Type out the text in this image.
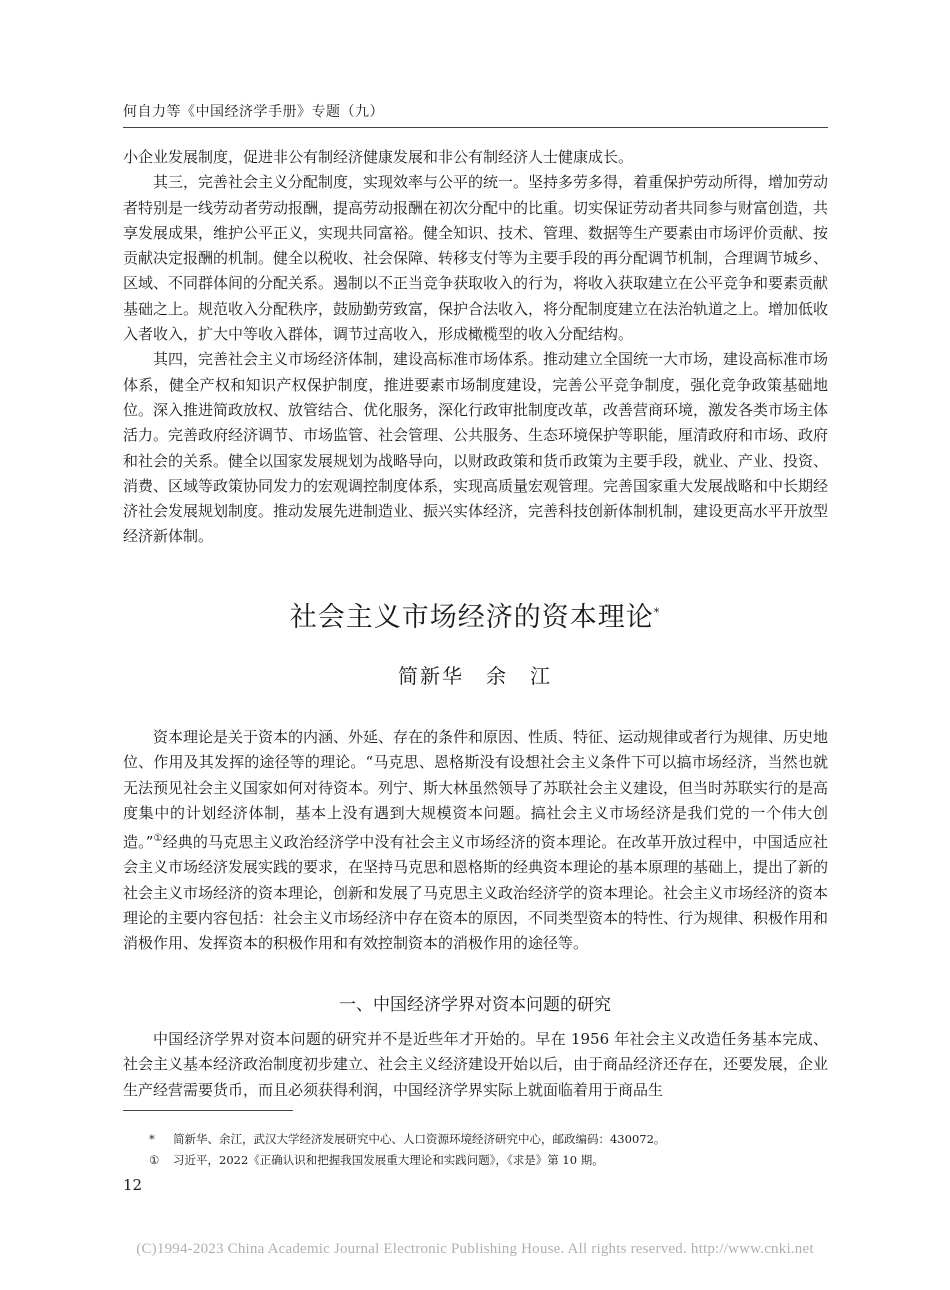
何自力等《中国经济学手册》专题（九）

小企业发展制度，促进非公有制经济健康发展和非公有制经济人士健康成长。

其三，完善社会主义分配制度，实现效率与公平的统一。坚持多劳多得，着重保护劳动所得，增加劳动者特别是一线劳动者劳动报酬，提高劳动报酬在初次分配中的比重。切实保证劳动者共同参与财富创造，共享发展成果，维护公平正义，实现共同富裕。健全知识、技术、管理、数据等生产要素由市场评价贡献、按贡献决定报酬的机制。健全以税收、社会保障、转移支付等为主要手段的再分配调节机制，合理调节城乡、区域、不同群体间的分配关系。遏制以不正当竞争获取收入的行为，将收入获取建立在公平竞争和要素贡献基础之上。规范收入分配秩序，鼓励勤劳致富，保护合法收入，将分配制度建立在法治轨道之上。增加低收入者收入，扩大中等收入群体，调节过高收入，形成橄榄型的收入分配结构。

其四，完善社会主义市场经济体制，建设高标准市场体系。推动建立全国统一大市场，建设高标准市场体系，健全产权和知识产权保护制度，推进要素市场制度建设，完善公平竞争制度，强化竞争政策基础地位。深入推进简政放权、放管结合、优化服务，深化行政审批制度改革，改善营商环境，激发各类市场主体活力。完善政府经济调节、市场监管、社会管理、公共服务、生态环境保护等职能，厘清政府和市场、政府和社会的关系。健全以国家发展规划为战略导向，以财政政策和货币政策为主要手段，就业、产业、投资、消费、区域等政策协同发力的宏观调控制度体系，实现高质量宏观管理。完善国家重大发展战略和中长期经济社会发展规划制度。推动发展先进制造业、振兴实体经济，完善科技创新体制机制，建设更高水平开放型经济新体制。

社会主义市场经济的资本理论*
简新华　余　江

资本理论是关于资本的内涵、外延、存在的条件和原因、性质、特征、运动规律或者行为规律、历史地位、作用及其发挥的途径等的理论。“马克思、恩格斯没有设想社会主义条件下可以搞市场经济，当然也就无法预见社会主义国家如何对待资本。列宁、斯大林虽然领导了苏联社会主义建设，但当时苏联实行的是高度集中的计划经济体制，基本上没有遇到大规模资本问题。搞社会主义市场经济是我们党的一个伟大创造。”①经典的马克思主义政治经济学中没有社会主义市场经济的资本理论。在改革开放过程中，中国适应社会主义市场经济发展实践的要求，在坚持马克思和恩格斯的经典资本理论的基本原理的基础上，提出了新的社会主义市场经济的资本理论，创新和发展了马克思主义政治经济学的资本理论。社会主义市场经济的资本理论的主要内容包括：社会主义市场经济中存在资本的原因，不同类型资本的特性、行为规律、积极作用和消极作用、发挥资本的积极作用和有效控制资本的消极作用的途径等。

一、中国经济学界对资本问题的研究

中国经济学界对资本问题的研究并不是近些年才开始的。早在 1956 年社会主义改造任务基本完成、社会主义基本经济政治制度初步建立、社会主义经济建设开始以后，由于商品经济还存在，还要发展，企业生产经营需要货币，而且必须获得利润，中国经济学界实际上就面临着用于商品生

* 简新华、余江，武汉大学经济发展研究中心、人口资源环境经济研究中心，邮政编码：430072。
① 习近平，2022《正确认识和把握我国发展重大理论和实践问题》，《求是》第 10 期。
12
(C)1994-2023 China Academic Journal Electronic Publishing House. All rights reserved. http://www.cnki.net
